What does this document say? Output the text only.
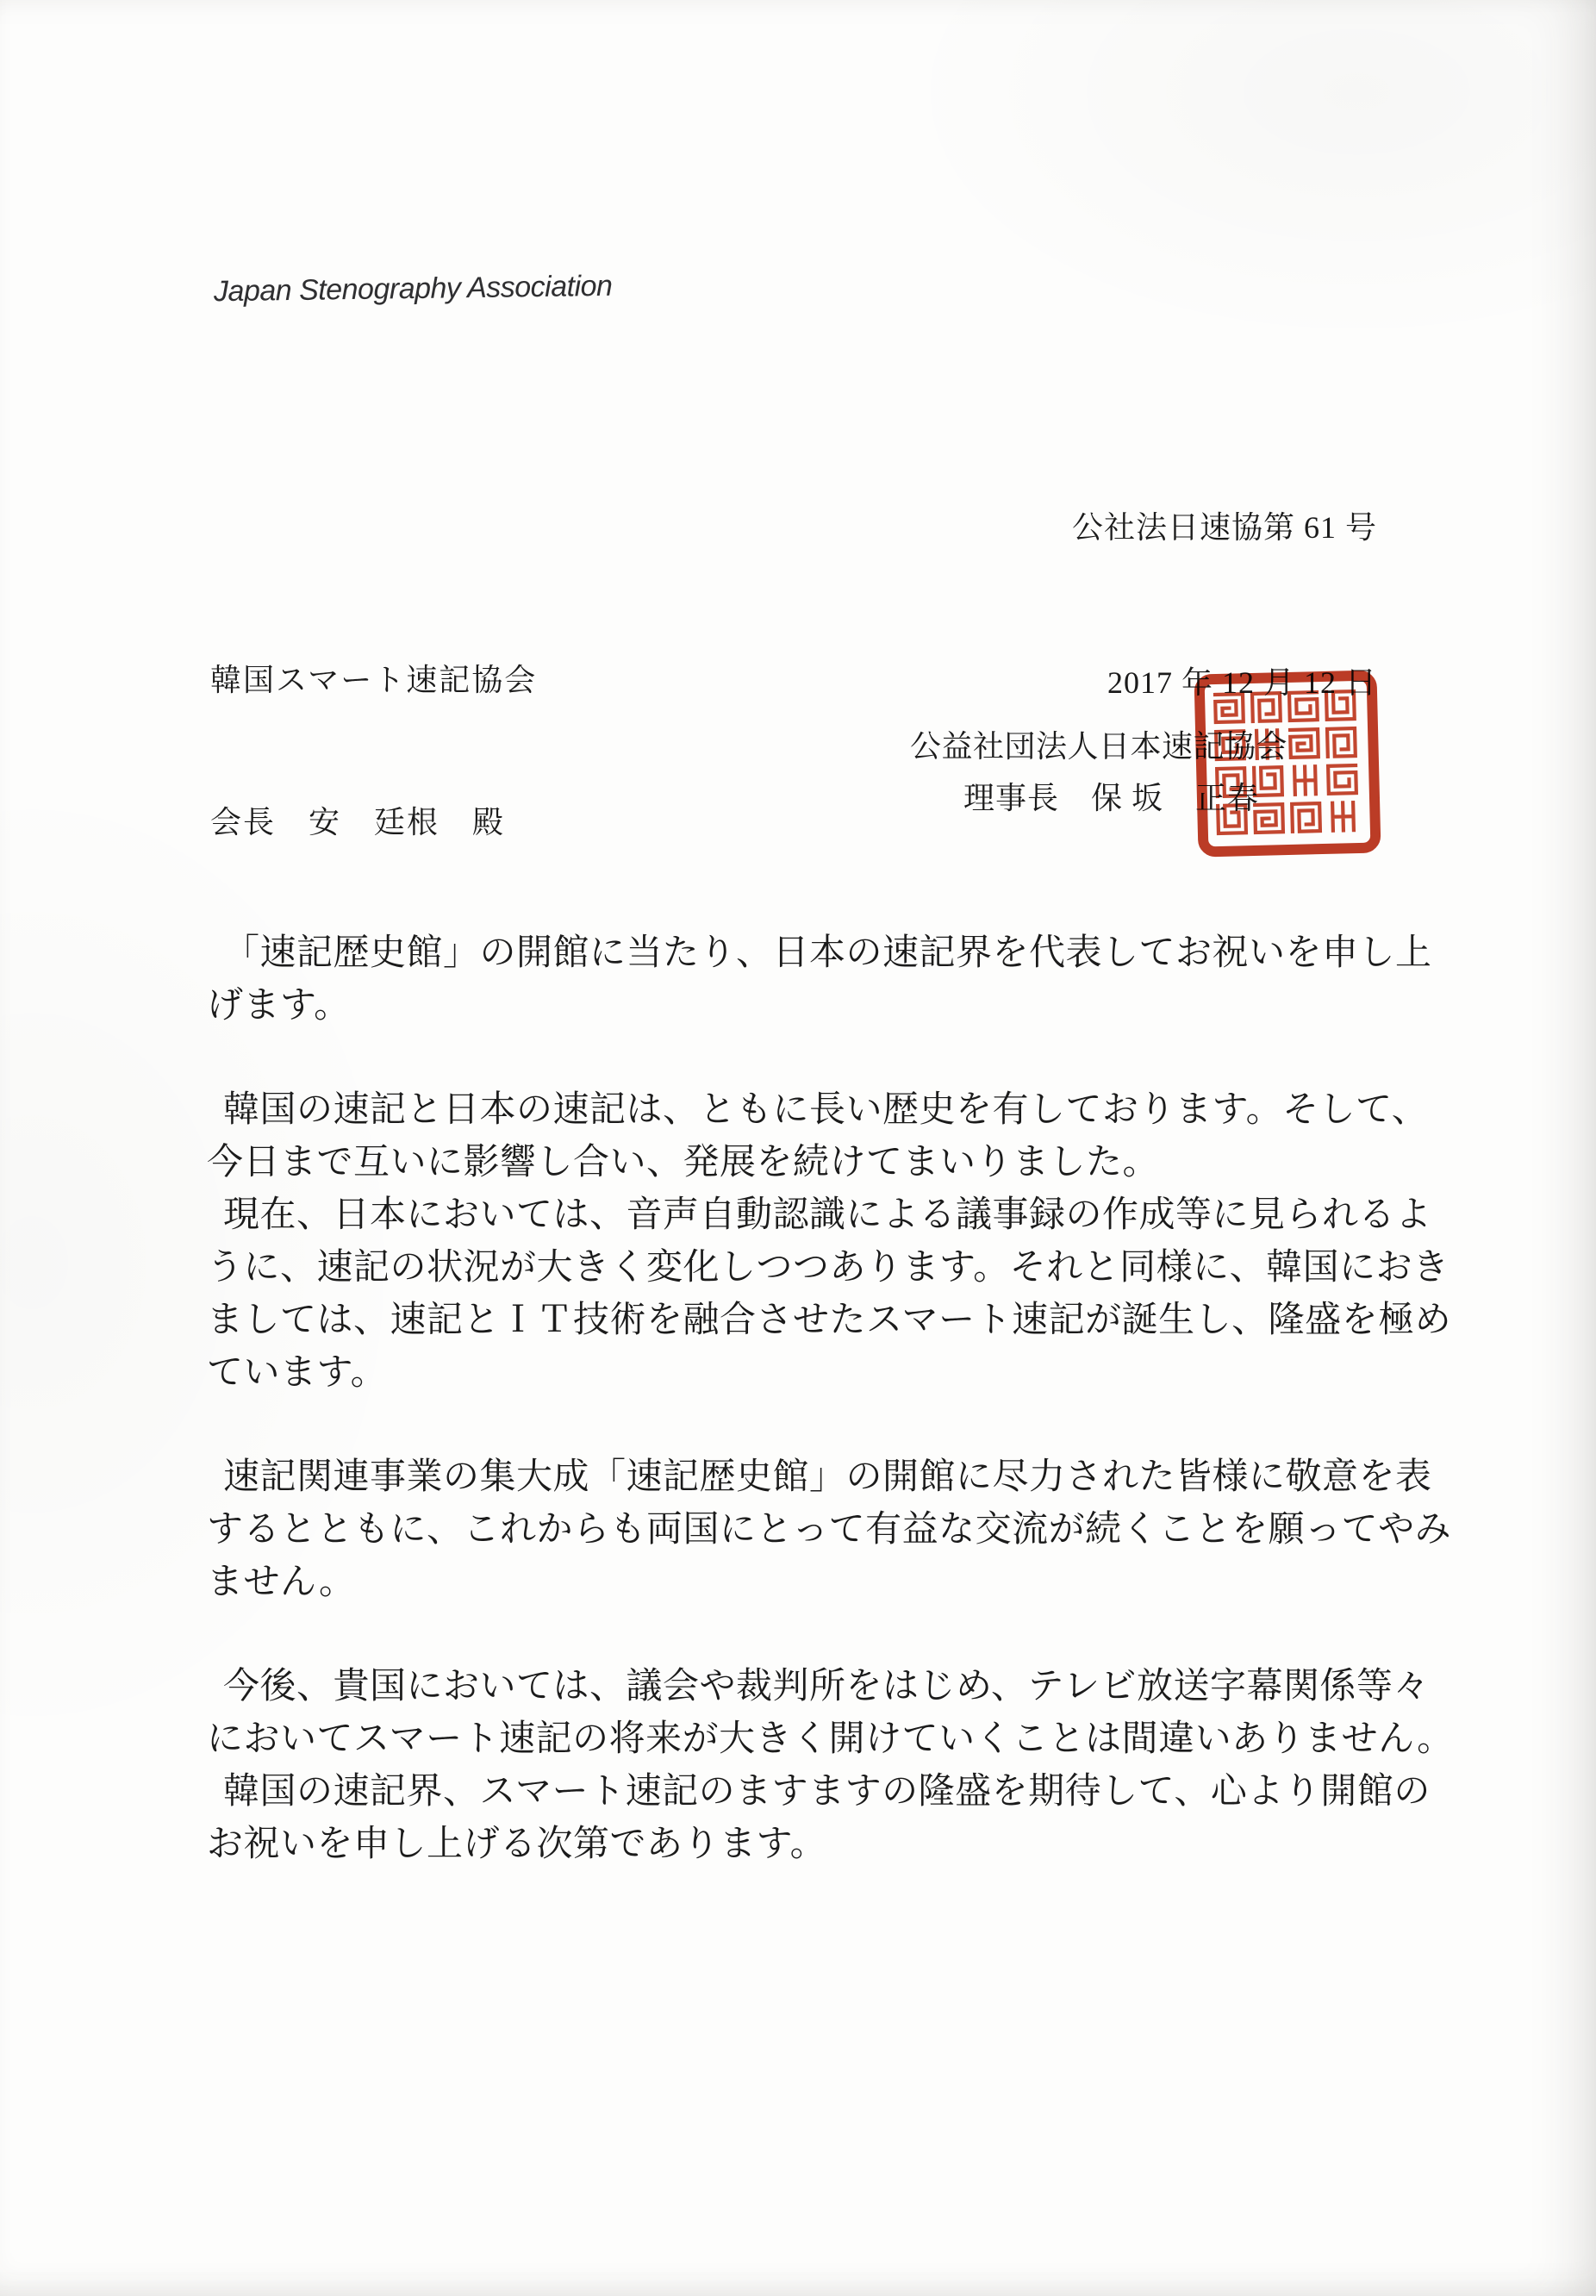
Japan Stenography Association

公社法日速協第 61 号

2017 年 12 月 12 日

韓国スマート速記協会

会長　安　廷根　殿

公益社団法人日本速記協会
理事長　保 坂　正春

「速記歴史館」の開館に当たり、日本の速記界を代表してお祝いを申し上
げます。

韓国の速記と日本の速記は、ともに長い歴史を有しております。そして、
今日まで互いに影響し合い、発展を続けてまいりました。

現在、日本においては、音声自動認識による議事録の作成等に見られるよ
うに、速記の状況が大きく変化しつつあります。それと同様に、韓国におき
ましては、速記とＩＴ技術を融合させたスマート速記が誕生し、隆盛を極め
ています。

速記関連事業の集大成「速記歴史館」の開館に尽力された皆様に敬意を表
するとともに、これからも両国にとって有益な交流が続くことを願ってやみ
ません。

今後、貴国においては、議会や裁判所をはじめ、テレビ放送字幕関係等々
においてスマート速記の将来が大きく開けていくことは間違いありません。

韓国の速記界、スマート速記のますますの隆盛を期待して、心より開館の
お祝いを申し上げる次第であります。
